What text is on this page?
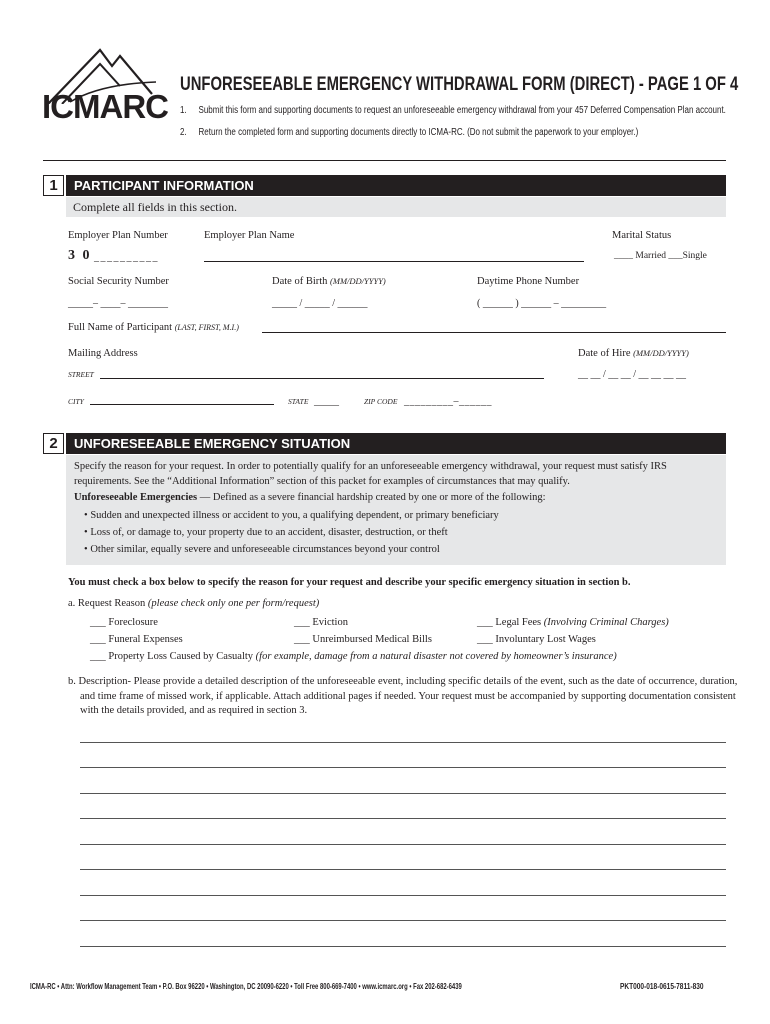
ICMARC
UNFORESEEABLE EMERGENCY WITHDRAWAL FORM (DIRECT) - PAGE 1 OF 4
1. Submit this form and supporting documents to request an unforeseeable emergency withdrawal from your 457 Deferred Compensation Plan account.
2. Return the completed form and supporting documents directly to ICMA-RC. (Do not submit the paperwork to your employer.)
1	PARTICIPANT INFORMATION
Complete all fields in this section.
Employer Plan Number
3 0 _ _ _ _ _ _ _ _ _ _
Employer Plan Name	Marital Status
____ Married ___Single
Social Security Number
_____– ____– ________
Date of Birth (MM/DD/YYYY)
_____ / _____ / ______
Daytime Phone Number
( ______ ) ______ – _________
Full Name of Participant (LAST, FIRST, M.I.)
Mailing Address	Date of Hire (MM/DD/YYYY)
STREET	__ __ / __ __ / __ __ __ __
CITY	STATE _____	ZIP CODE _ _ _ _ _ _ _ _ _ – _ _ _ _ _ _
2	UNFORESEEABLE EMERGENCY SITUATION
Specify the reason for your request. In order to potentially qualify for an unforeseeable emergency withdrawal, your request must satisfy IRS requirements. See the “Additional Information” section of this packet for examples of circumstances that may qualify.
Unforeseeable Emergencies — Defined as a severe financial hardship created by one or more of the following:
• Sudden and unexpected illness or accident to you, a qualifying dependent, or primary beneficiary
• Loss of, or damage to, your property due to an accident, disaster, destruction, or theft
• Other similar, equally severe and unforeseeable circumstances beyond your control
You must check a box below to specify the reason for your request and describe your specific emergency situation in section b.
a. Request Reason (please check only one per form/request)
___ Foreclosure	___ Eviction	___ Legal Fees (Involving Criminal Charges)
___ Funeral Expenses	___ Unreimbursed Medical Bills	___ Involuntary Lost Wages
___ Property Loss Caused by Casualty (for example, damage from a natural disaster not covered by homeowner’s insurance)
b. Description- Please provide a detailed description of the unforeseeable event, including specific details of the event, such as the date of occurrence, duration, and time frame of missed work, if applicable. Attach additional pages if needed. Your request must be accompanied by supporting documentation consistent with the details provided, and as required in section 3.
ICMA-RC • Attn: Workflow Management Team • P.O. Box 96220 • Washington, DC 20090-6220 • Toll Free 800-669-7400 • www.icmarc.org • Fax 202-682-6439	PKT000-018-0615-7811-830
